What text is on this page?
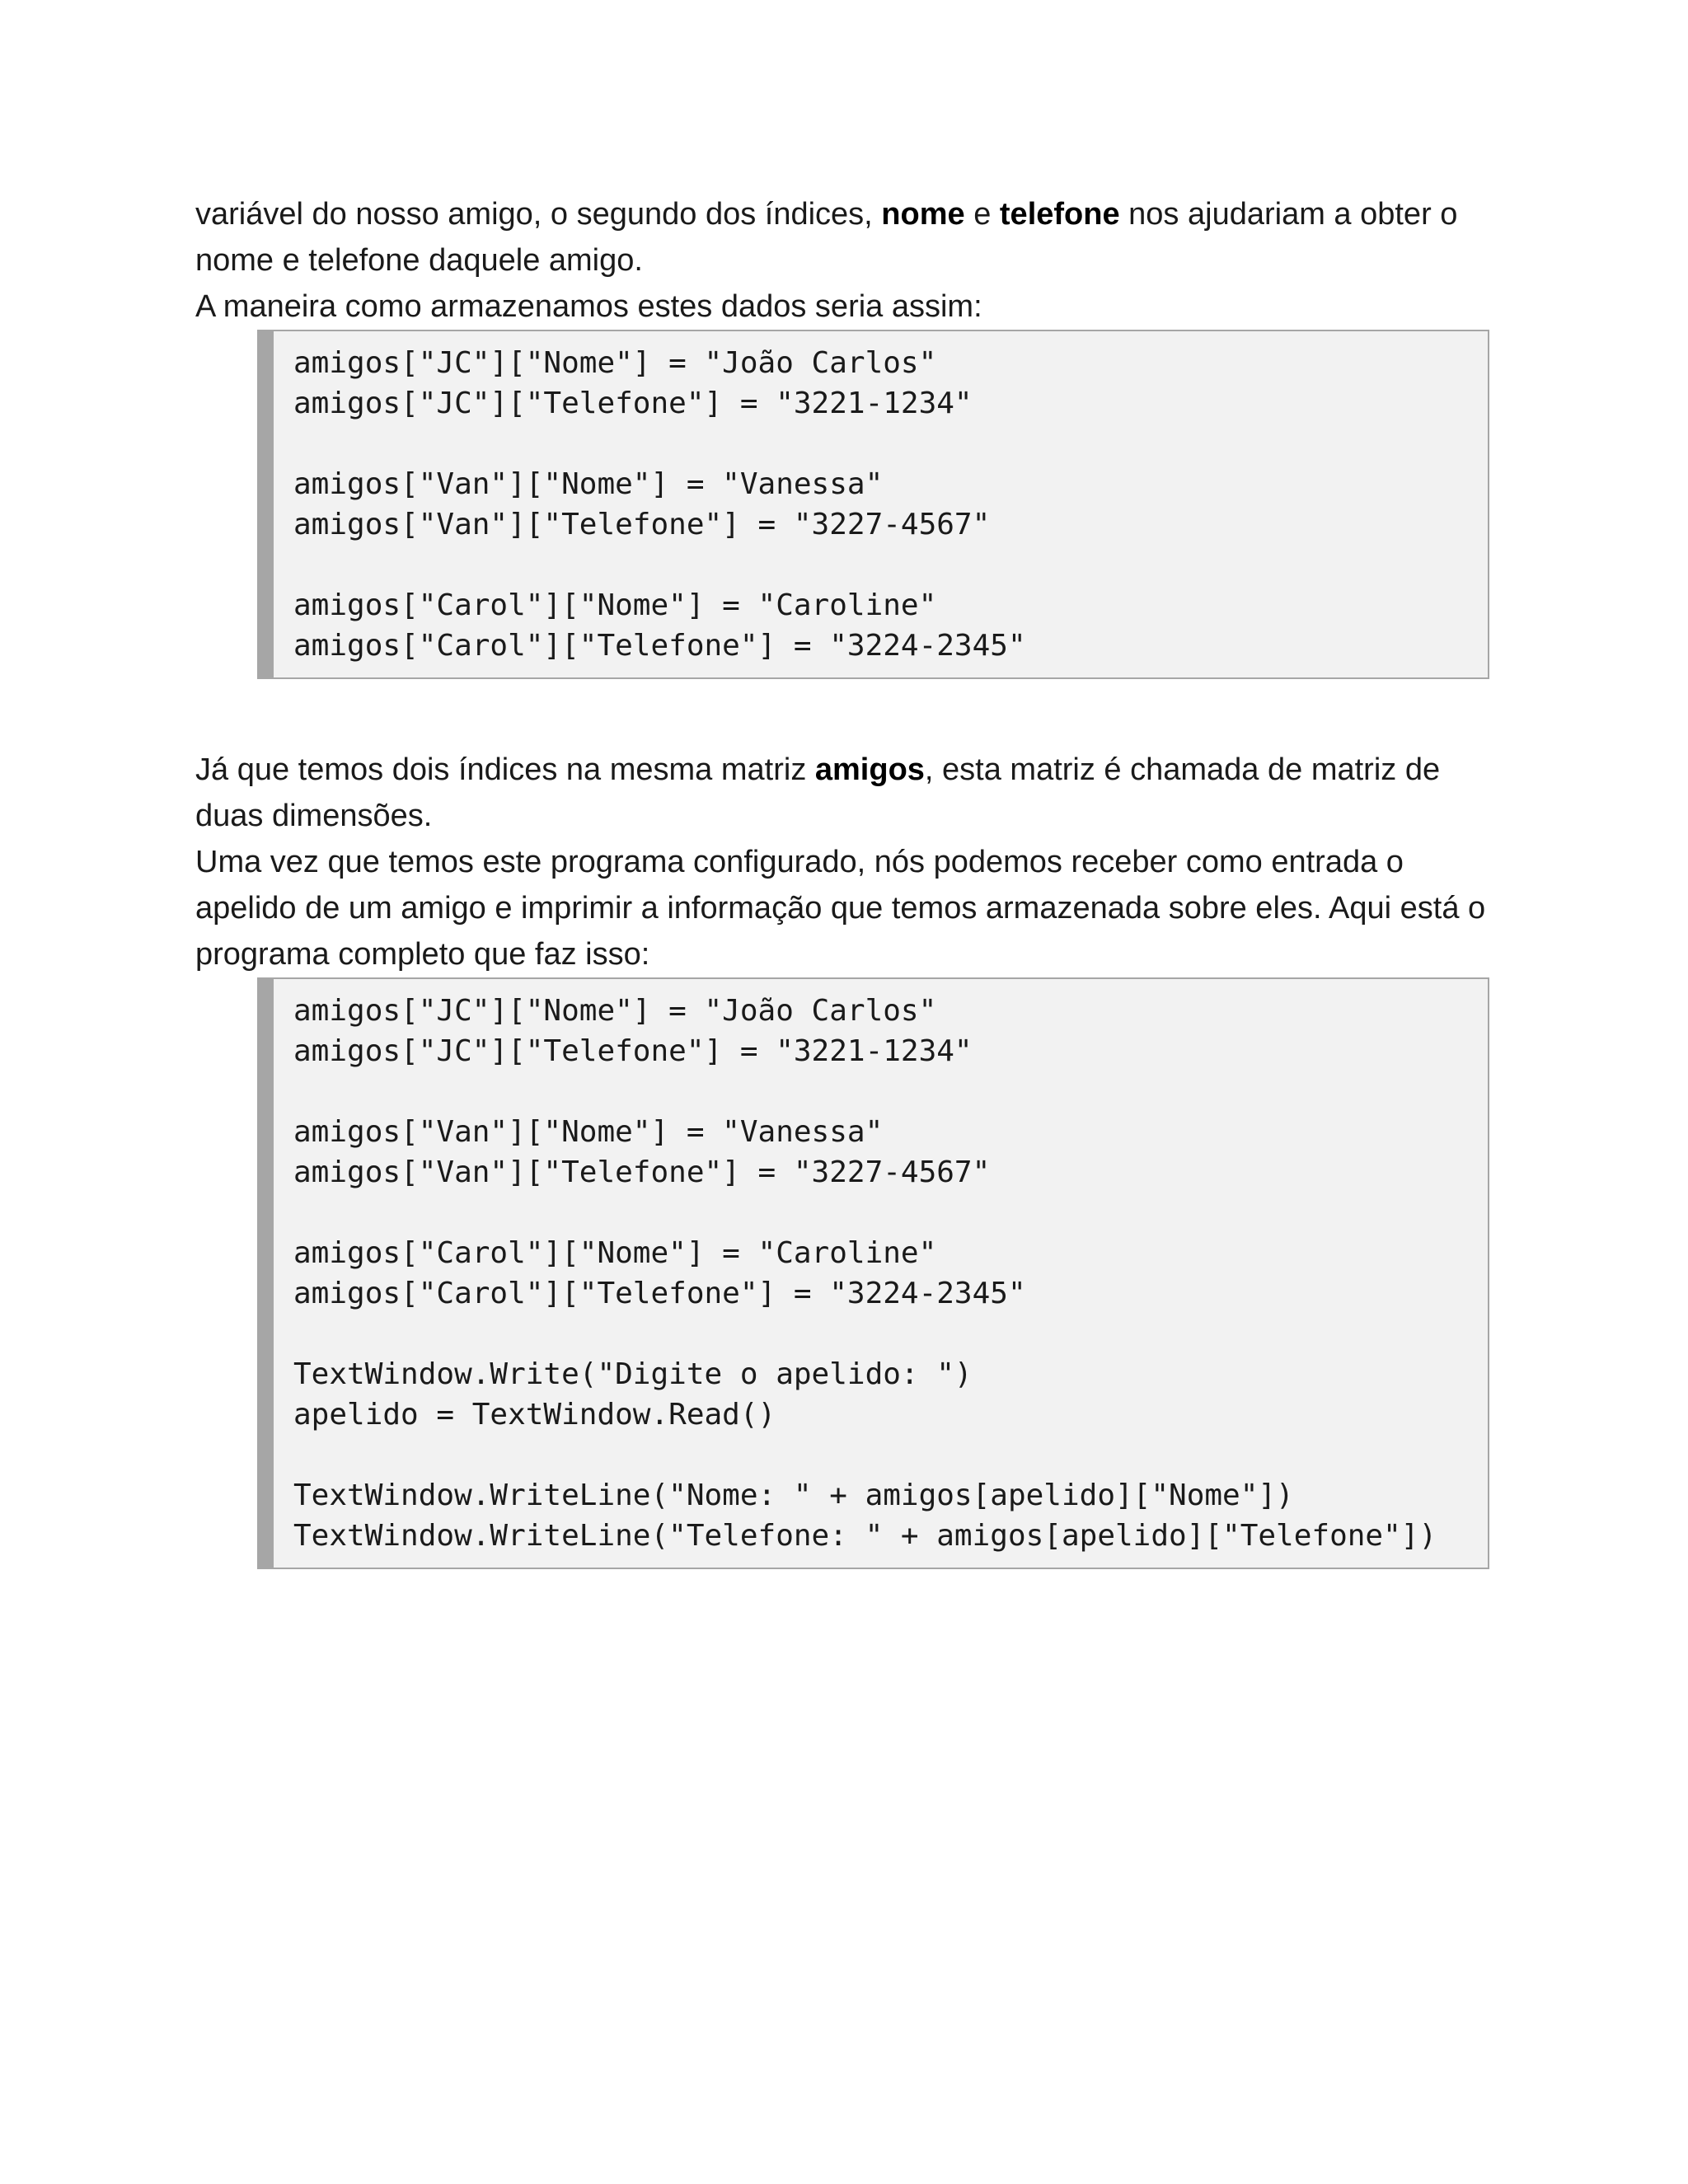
variável do nosso amigo, o segundo dos índices, nome e telefone nos ajudariam a obter o nome e telefone daquele amigo.

A maneira como armazenamos estes dados seria assim:

amigos["JC"]["Nome"] = "João Carlos"
amigos["JC"]["Telefone"] = "3221-1234"
amigos["Van"]["Nome"] = "Vanessa"
amigos["Van"]["Telefone"] = "3227-4567"
amigos["Carol"]["Nome"] = "Caroline"
amigos["Carol"]["Telefone"] = "3224-2345"

Já que temos dois índices na mesma matriz amigos, esta matriz é chamada de matriz de duas dimensões.

Uma vez que temos este programa configurado, nós podemos receber como entrada o apelido de um amigo e imprimir a informação que temos armazenada sobre eles. Aqui está o programa completo que faz isso:

amigos["JC"]["Nome"] = "João Carlos"
amigos["JC"]["Telefone"] = "3221-1234"
amigos["Van"]["Nome"] = "Vanessa"
amigos["Van"]["Telefone"] = "3227-4567"
amigos["Carol"]["Nome"] = "Caroline"
amigos["Carol"]["Telefone"] = "3224-2345"
TextWindow.Write("Digite o apelido: ")
apelido = TextWindow.Read()
TextWindow.WriteLine("Nome: " + amigos[apelido]["Nome"])
TextWindow.WriteLine("Telefone: " + amigos[apelido]["Telefone"])
